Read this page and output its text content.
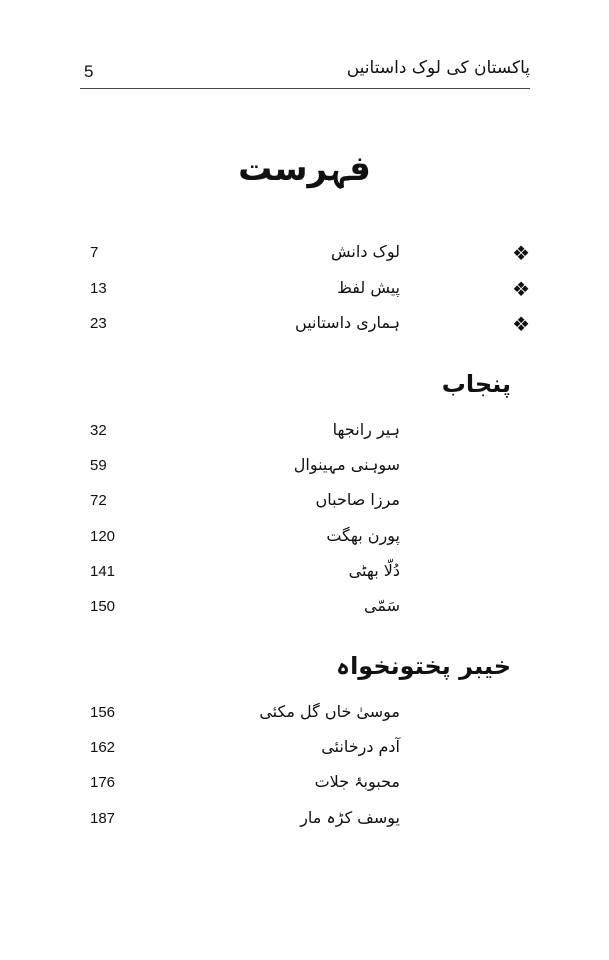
5	پاکستان کی لوک داستانیں
فہرست
7	لوک دانش	❖
13	پیش لفظ	❖
23	ہماری داستانیں	❖
پنجاب
32	ہیر رانجھا
59	سوہنی مہینوال
72	مرزا صاحباں
120	پورن بھگت
141	دُلّا بھٹی
150	سَمّی
خیبر پختونخواہ
156	موسیٰ خاں گل مکئی
162	آدم درخانئی
176	محبوبۂ جلات
187	یوسف کڑہ مار
